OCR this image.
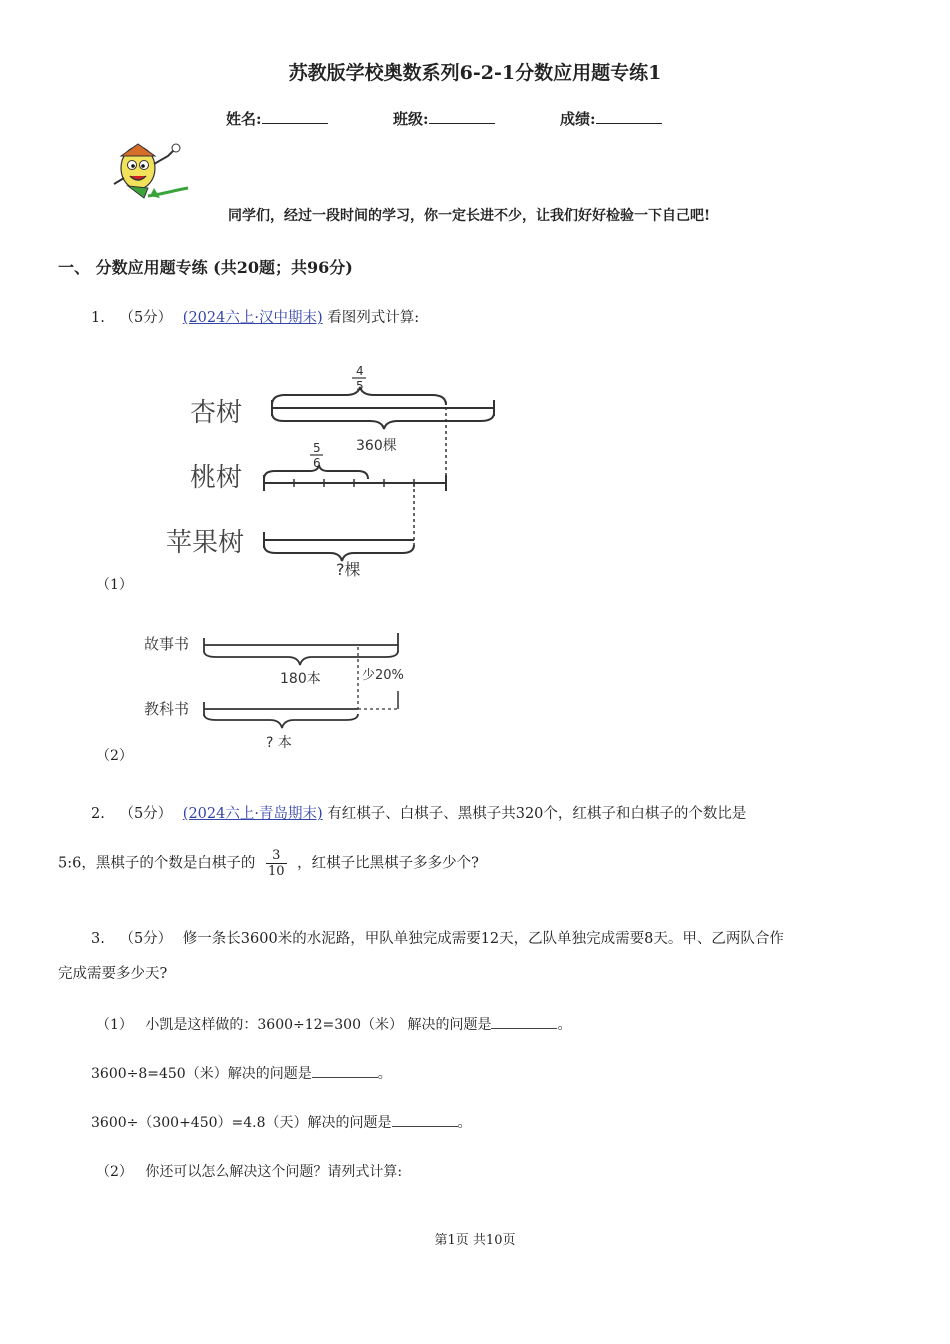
苏教版学校奥数系列6-2-1分数应用题专练1
姓名:	班级:	成绩:
同学们，经过一段时间的学习，你一定长进不少，让我们好好检验一下自己吧!
一、 分数应用题专练 (共20题；共96分)
1. （5分） (2024六上·汉中期末) 看图列式计算:
杏树
桃树
苹果树
4
5
360棵
5
6
?棵
（1）
故事书
教科书
180本	少20%
? 本
（2）
2. （5分） (2024六上·青岛期末) 有红棋子、白棋子、黑棋子共320个，红棋子和白棋子的个数比是
5:6，黑棋子的个数是白棋子的 $\frac{3}{10}$ ，红棋子比黑棋子多多少个?
3. （5分） 修一条长3600米的水泥路，甲队单独完成需要12天，乙队单独完成需要8天。甲、乙两队合作
完成需要多少天?
（1） 小凯是这样做的：3600÷12=300（米） 解决的问题是	。
3600÷8=450（米）解决的问题是	。
3600÷（300+450）=4.8（天）解决的问题是	。
（2） 你还可以怎么解决这个问题？请列式计算:
第1页 共10页
